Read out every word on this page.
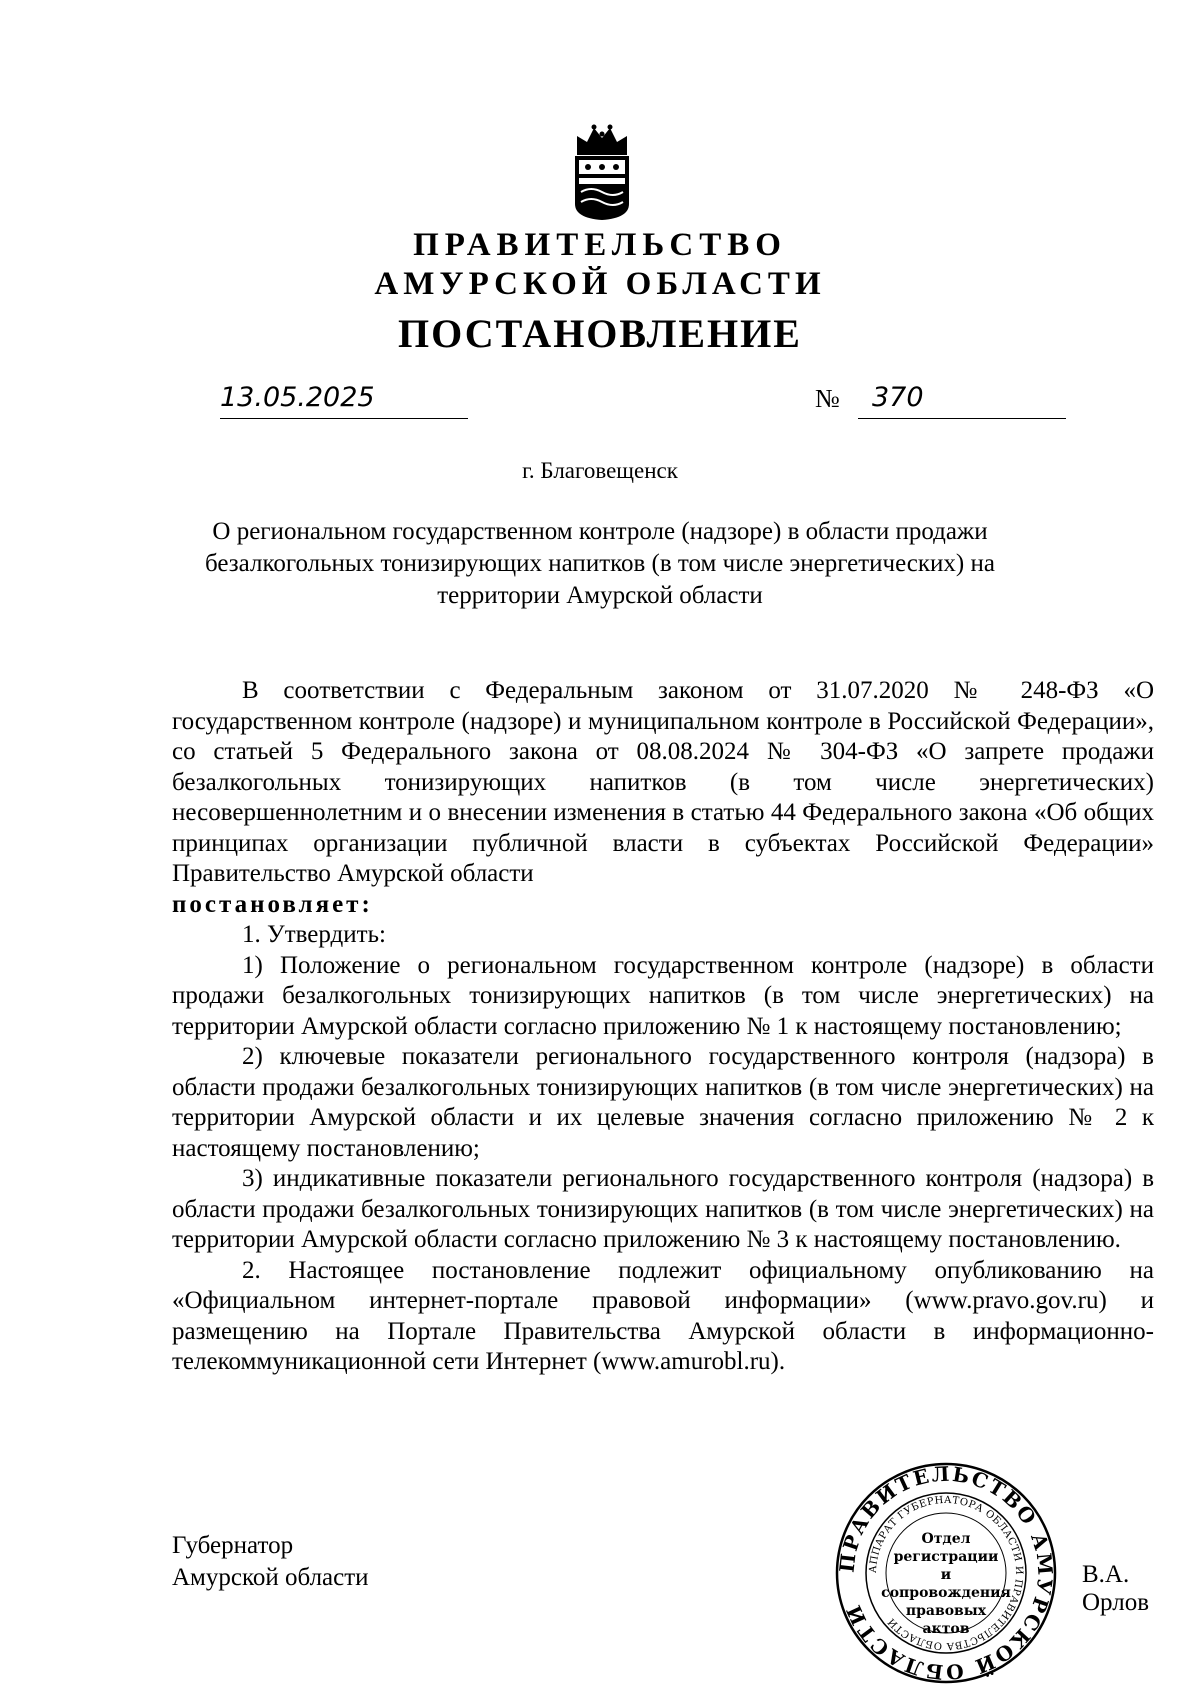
ПРАВИТЕЛЬСТВО

АМУРСКОЙ ОБЛАСТИ

ПОСТАНОВЛЕНИЕ

13.05.2025	№ 370
г. Благовещенск
О региональном государственном контроле (надзоре) в области продажи
безалкогольных тонизирующих напитков (в том числе энергетических) на
территории Амурской области

В соответствии с Федеральным законом от 31.07.2020 № 248-ФЗ «О государственном контроле (надзоре) и муниципальном контроле в Российской Федерации», со статьей 5 Федерального закона от 08.08.2024 № 304-ФЗ «О запрете продажи безалкогольных тонизирующих напитков (в том числе энергетических) несовершеннолетним и о внесении изменения в статью 44 Федерального закона «Об общих принципах организации публичной власти в субъектах Российской Федерации» Правительство Амурской области

постановляет:

1. Утвердить:

1) Положение о региональном государственном контроле (надзоре) в области продажи безалкогольных тонизирующих напитков (в том числе энергетических) на территории Амурской области согласно приложению № 1 к настоящему постановлению;

2) ключевые показатели регионального государственного контроля (надзора) в области продажи безалкогольных тонизирующих напитков (в том числе энергетических) на территории Амурской области и их целевые значения согласно приложению № 2 к настоящему постановлению;

3) индикативные показатели регионального государственного контроля (надзора) в области продажи безалкогольных тонизирующих напитков (в том числе энергетических) на территории Амурской области согласно приложению № 3 к настоящему постановлению.

2. Настоящее постановление подлежит официальному опубликованию на «Официальном интернет-портале правовой информации» (www.pravo.gov.ru) и размещению на Портале Правительства Амурской области в информационно-телекоммуникационной сети Интернет (www.amurobl.ru).

Губернатор
Амурской области
ПРАВИТЕЛЬСТВО АМУРСКОЙ ОБЛАСТИ
АППАРАТ ГУБЕРНАТОРА ОБЛАСТИ И ПРАВИТЕЛЬСТВА ОБЛАСТИ
Отдел
регистрации
и сопровождения
правовых актов
В.А. Орлов
